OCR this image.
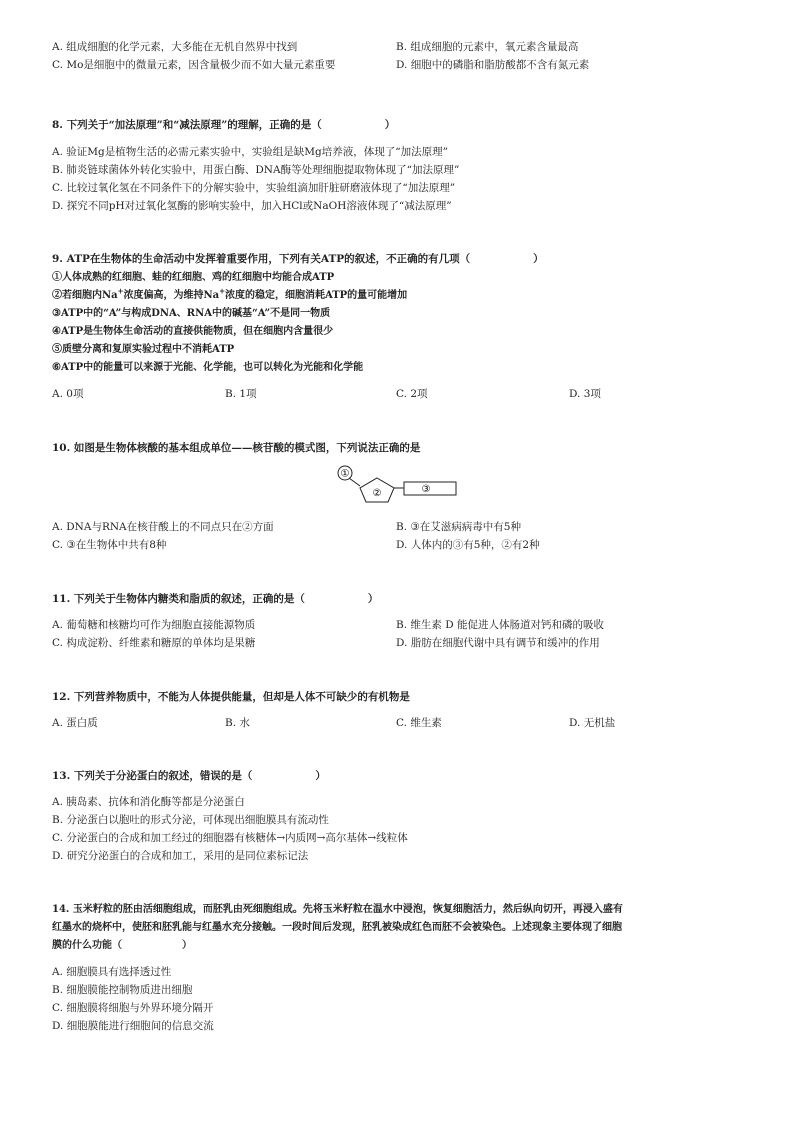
A. 组成细胞的化学元素，大多能在无机自然界中找到	B. 组成细胞的元素中，氧元素含量最高
C. Mo是细胞中的微量元素，因含量极少而不如大量元素重要	D. 细胞中的磷脂和脂肪酸都不含有氮元素
8. 下列关于“加法原理”和“减法原理”的理解，正确的是（　　　　　　）
A. 验证Mg是植物生活的必需元素实验中，实验组是缺Mg培养液，体现了“加法原理”
B. 肺炎链球菌体外转化实验中，用蛋白酶、DNA酶等处理细胞提取物体现了“加法原理”
C. 比较过氧化氢在不同条件下的分解实验中，实验组滴加肝脏研磨液体现了“加法原理”
D. 探究不同pH对过氧化氢酶的影响实验中，加入HCl或NaOH溶液体现了“减法原理”
9. ATP在生物体的生命活动中发挥着重要作用，下列有关ATP的叙述，不正确的有几项（　　　　　　）
①人体成熟的红细胞、蛙的红细胞、鸡的红细胞中均能合成ATP
②若细胞内Na+浓度偏高，为维持Na+浓度的稳定，细胞消耗ATP的量可能增加
③ATP中的“A”与构成DNA、RNA中的碱基“A”不是同一物质
④ATP是生物体生命活动的直接供能物质，但在细胞内含量很少
⑤质壁分离和复原实验过程中不消耗ATP
⑥ATP中的能量可以来源于光能、化学能，也可以转化为光能和化学能
A. 0项	B. 1项	C. 2项	D. 3项
10. 如图是生物体核酸的基本组成单位——核苷酸的模式图，下列说法正确的是
①
②	③
A. DNA与RNA在核苷酸上的不同点只在②方面	B. ③在艾滋病病毒中有5种
C. ③在生物体中共有8种	D. 人体内的③有5种，②有2种
11. 下列关于生物体内糖类和脂质的叙述，正确的是（　　　　　　）
A. 葡萄糖和核糖均可作为细胞直接能源物质	B. 维生素 D 能促进人体肠道对钙和磷的吸收
C. 构成淀粉、纤维素和糖原的单体均是果糖	D. 脂肪在细胞代谢中具有调节和缓冲的作用
12. 下列营养物质中，不能为人体提供能量，但却是人体不可缺少的有机物是
A. 蛋白质	B. 水	C. 维生素	D. 无机盐
13. 下列关于分泌蛋白的叙述，错误的是（　　　　　　）
A. 胰岛素、抗体和消化酶等都是分泌蛋白
B. 分泌蛋白以胞吐的形式分泌，可体现出细胞膜具有流动性
C. 分泌蛋白的合成和加工经过的细胞器有核糖体→内质网→高尔基体→线粒体
D. 研究分泌蛋白的合成和加工，采用的是同位素标记法
14. 玉米籽粒的胚由活细胞组成，而胚乳由死细胞组成。先将玉米籽粒在温水中浸泡，恢复细胞活力，然后纵向切开，再浸入盛有
红墨水的烧杯中，使胚和胚乳能与红墨水充分接触。一段时间后发现，胚乳被染成红色而胚不会被染色。上述现象主要体现了细胞
膜的什么功能（　　　　　　）
A. 细胞膜具有选择透过性
B. 细胞膜能控制物质进出细胞
C. 细胞膜将细胞与外界环境分隔开
D. 细胞膜能进行细胞间的信息交流
